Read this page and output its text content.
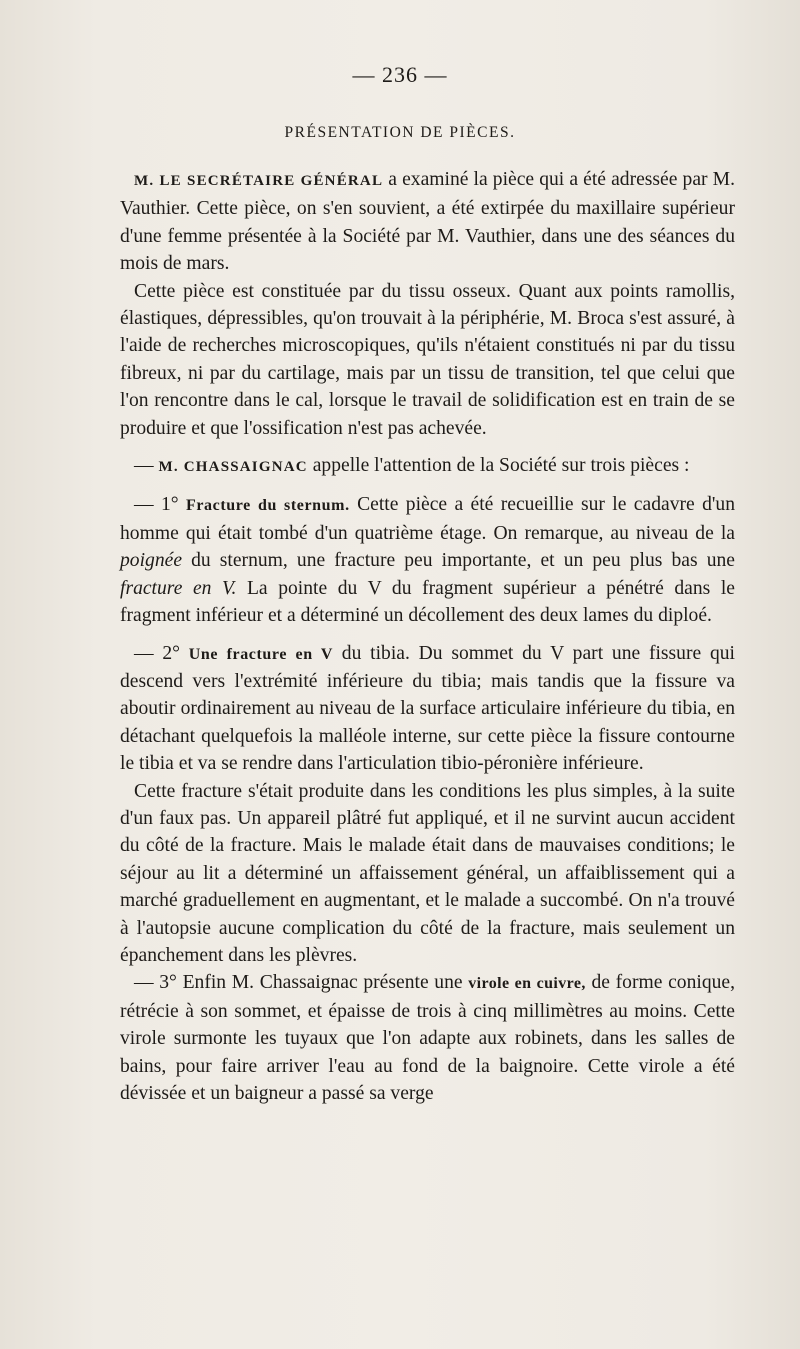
— 236 —
PRÉSENTATION DE PIÈCES.

M. LE SECRÉTAIRE GÉNÉRAL a examiné la pièce qui a été adressée par M. Vauthier. Cette pièce, on s'en souvient, a été extirpée du maxillaire supérieur d'une femme présentée à la Société par M. Vauthier, dans une des séances du mois de mars.

Cette pièce est constituée par du tissu osseux. Quant aux points ramollis, élastiques, dépressibles, qu'on trouvait à la périphérie, M. Broca s'est assuré, à l'aide de recherches microscopiques, qu'ils n'étaient constitués ni par du tissu fibreux, ni par du cartilage, mais par un tissu de transition, tel que celui que l'on rencontre dans le cal, lorsque le travail de solidification est en train de se produire et que l'ossification n'est pas achevée.

— M. CHASSAIGNAC appelle l'attention de la Société sur trois pièces :

— 1° Fracture du sternum. Cette pièce a été recueillie sur le cadavre d'un homme qui était tombé d'un quatrième étage. On remarque, au niveau de la poignée du sternum, une fracture peu importante, et un peu plus bas une fracture en V. La pointe du V du fragment supérieur a pénétré dans le fragment inférieur et a déterminé un décollement des deux lames du diploé.

— 2° Une fracture en V du tibia. Du sommet du V part une fissure qui descend vers l'extrémité inférieure du tibia; mais tandis que la fissure va aboutir ordinairement au niveau de la surface articulaire inférieure du tibia, en détachant quelquefois la malléole interne, sur cette pièce la fissure contourne le tibia et va se rendre dans l'articulation tibio-péronière inférieure.

Cette fracture s'était produite dans les conditions les plus simples, à la suite d'un faux pas. Un appareil plâtré fut appliqué, et il ne survint aucun accident du côté de la fracture. Mais le malade était dans de mauvaises conditions; le séjour au lit a déterminé un affaissement général, un affaiblissement qui a marché graduellement en augmentant, et le malade a succombé. On n'a trouvé à l'autopsie aucune complication du côté de la fracture, mais seulement un épanchement dans les plèvres.

— 3° Enfin M. Chassaignac présente une virole en cuivre, de forme conique, rétrécie à son sommet, et épaisse de trois à cinq millimètres au moins. Cette virole surmonte les tuyaux que l'on adapte aux robinets, dans les salles de bains, pour faire arriver l'eau au fond de la baignoire. Cette virole a été dévissée et un baigneur a passé sa verge
